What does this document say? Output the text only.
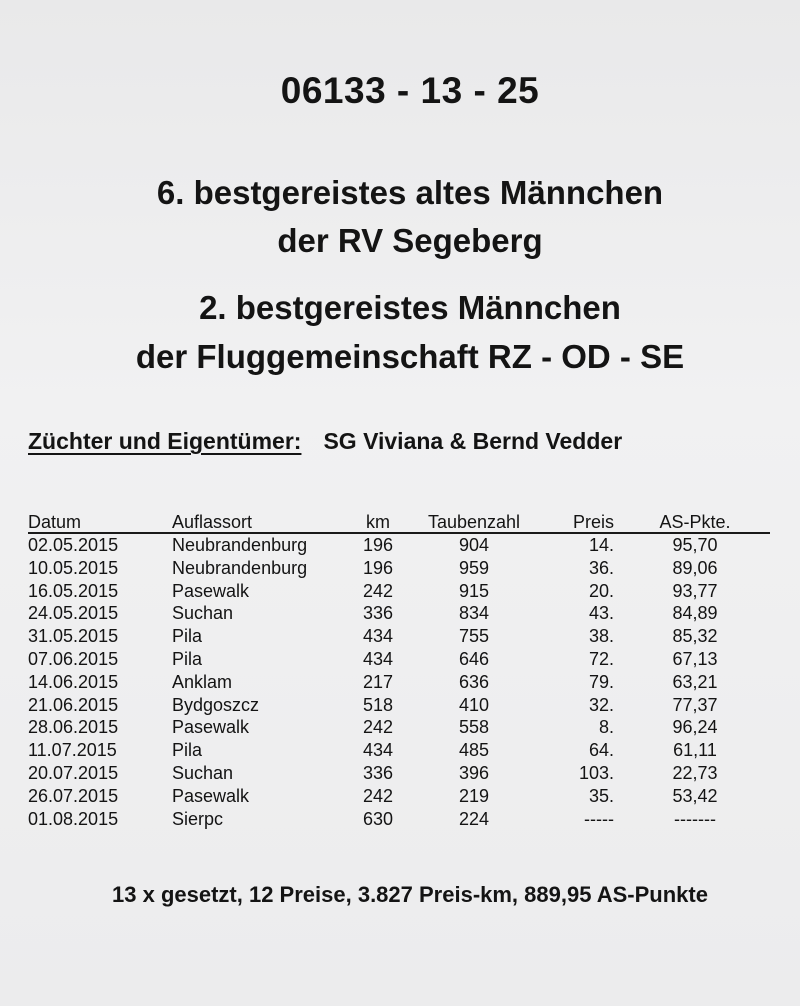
06133 - 13 - 25
6. bestgereistes altes Männchen
der RV Segeberg
2. bestgereistes Männchen
der Fluggemeinschaft RZ - OD - SE
Züchter und Eigentümer: SG Viviana & Bernd Vedder
Datum	Auflassort	km	Taubenzahl	Preis	AS-Pkte.
02.05.2015	Neubrandenburg	196	904	14.	95,70
10.05.2015	Neubrandenburg	196	959	36.	89,06
16.05.2015	Pasewalk	242	915	20.	93,77
24.05.2015	Suchan	336	834	43.	84,89
31.05.2015	Pila	434	755	38.	85,32
07.06.2015	Pila	434	646	72.	67,13
14.06.2015	Anklam	217	636	79.	63,21
21.06.2015	Bydgoszcz	518	410	32.	77,37
28.06.2015	Pasewalk	242	558	8.	96,24
11.07.2015	Pila	434	485	64.	61,11
20.07.2015	Suchan	336	396	103.	22,73
26.07.2015	Pasewalk	242	219	35.	53,42
01.08.2015	Sierpc	630	224	-----	-------

13 x gesetzt, 12 Preise, 3.827 Preis-km, 889,95 AS-Punkte
